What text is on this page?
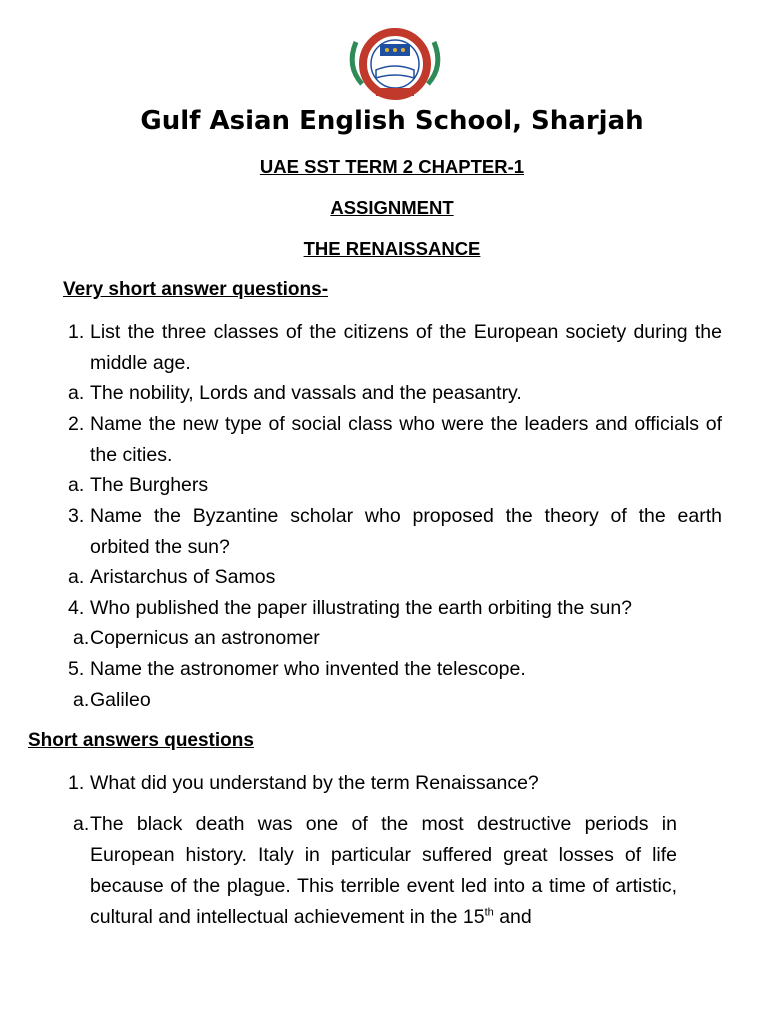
Gulf Asian English School, Sharjah
UAE SST TERM 2 CHAPTER-1
ASSIGNMENT
THE RENAISSANCE
Very short answer questions-
1. List the three classes of the citizens of the European society during the middle age.
a. The nobility, Lords and vassals and the peasantry.
2. Name the new type of social class who were the leaders and officials of the cities.
a. The Burghers
3. Name the Byzantine scholar who proposed the theory of the earth orbited the sun?
a. Aristarchus of Samos
4. Who published the paper illustrating the earth orbiting the sun?
a. Copernicus an astronomer
5. Name the astronomer who invented the telescope.
a. Galileo
Short answers questions
1. What did you understand by the term Renaissance?
a. The black death was one of the most destructive periods in European history. Italy in particular suffered great losses of life because of the plague. This terrible event led into a time of artistic, cultural and intellectual achievement in the 15th and
